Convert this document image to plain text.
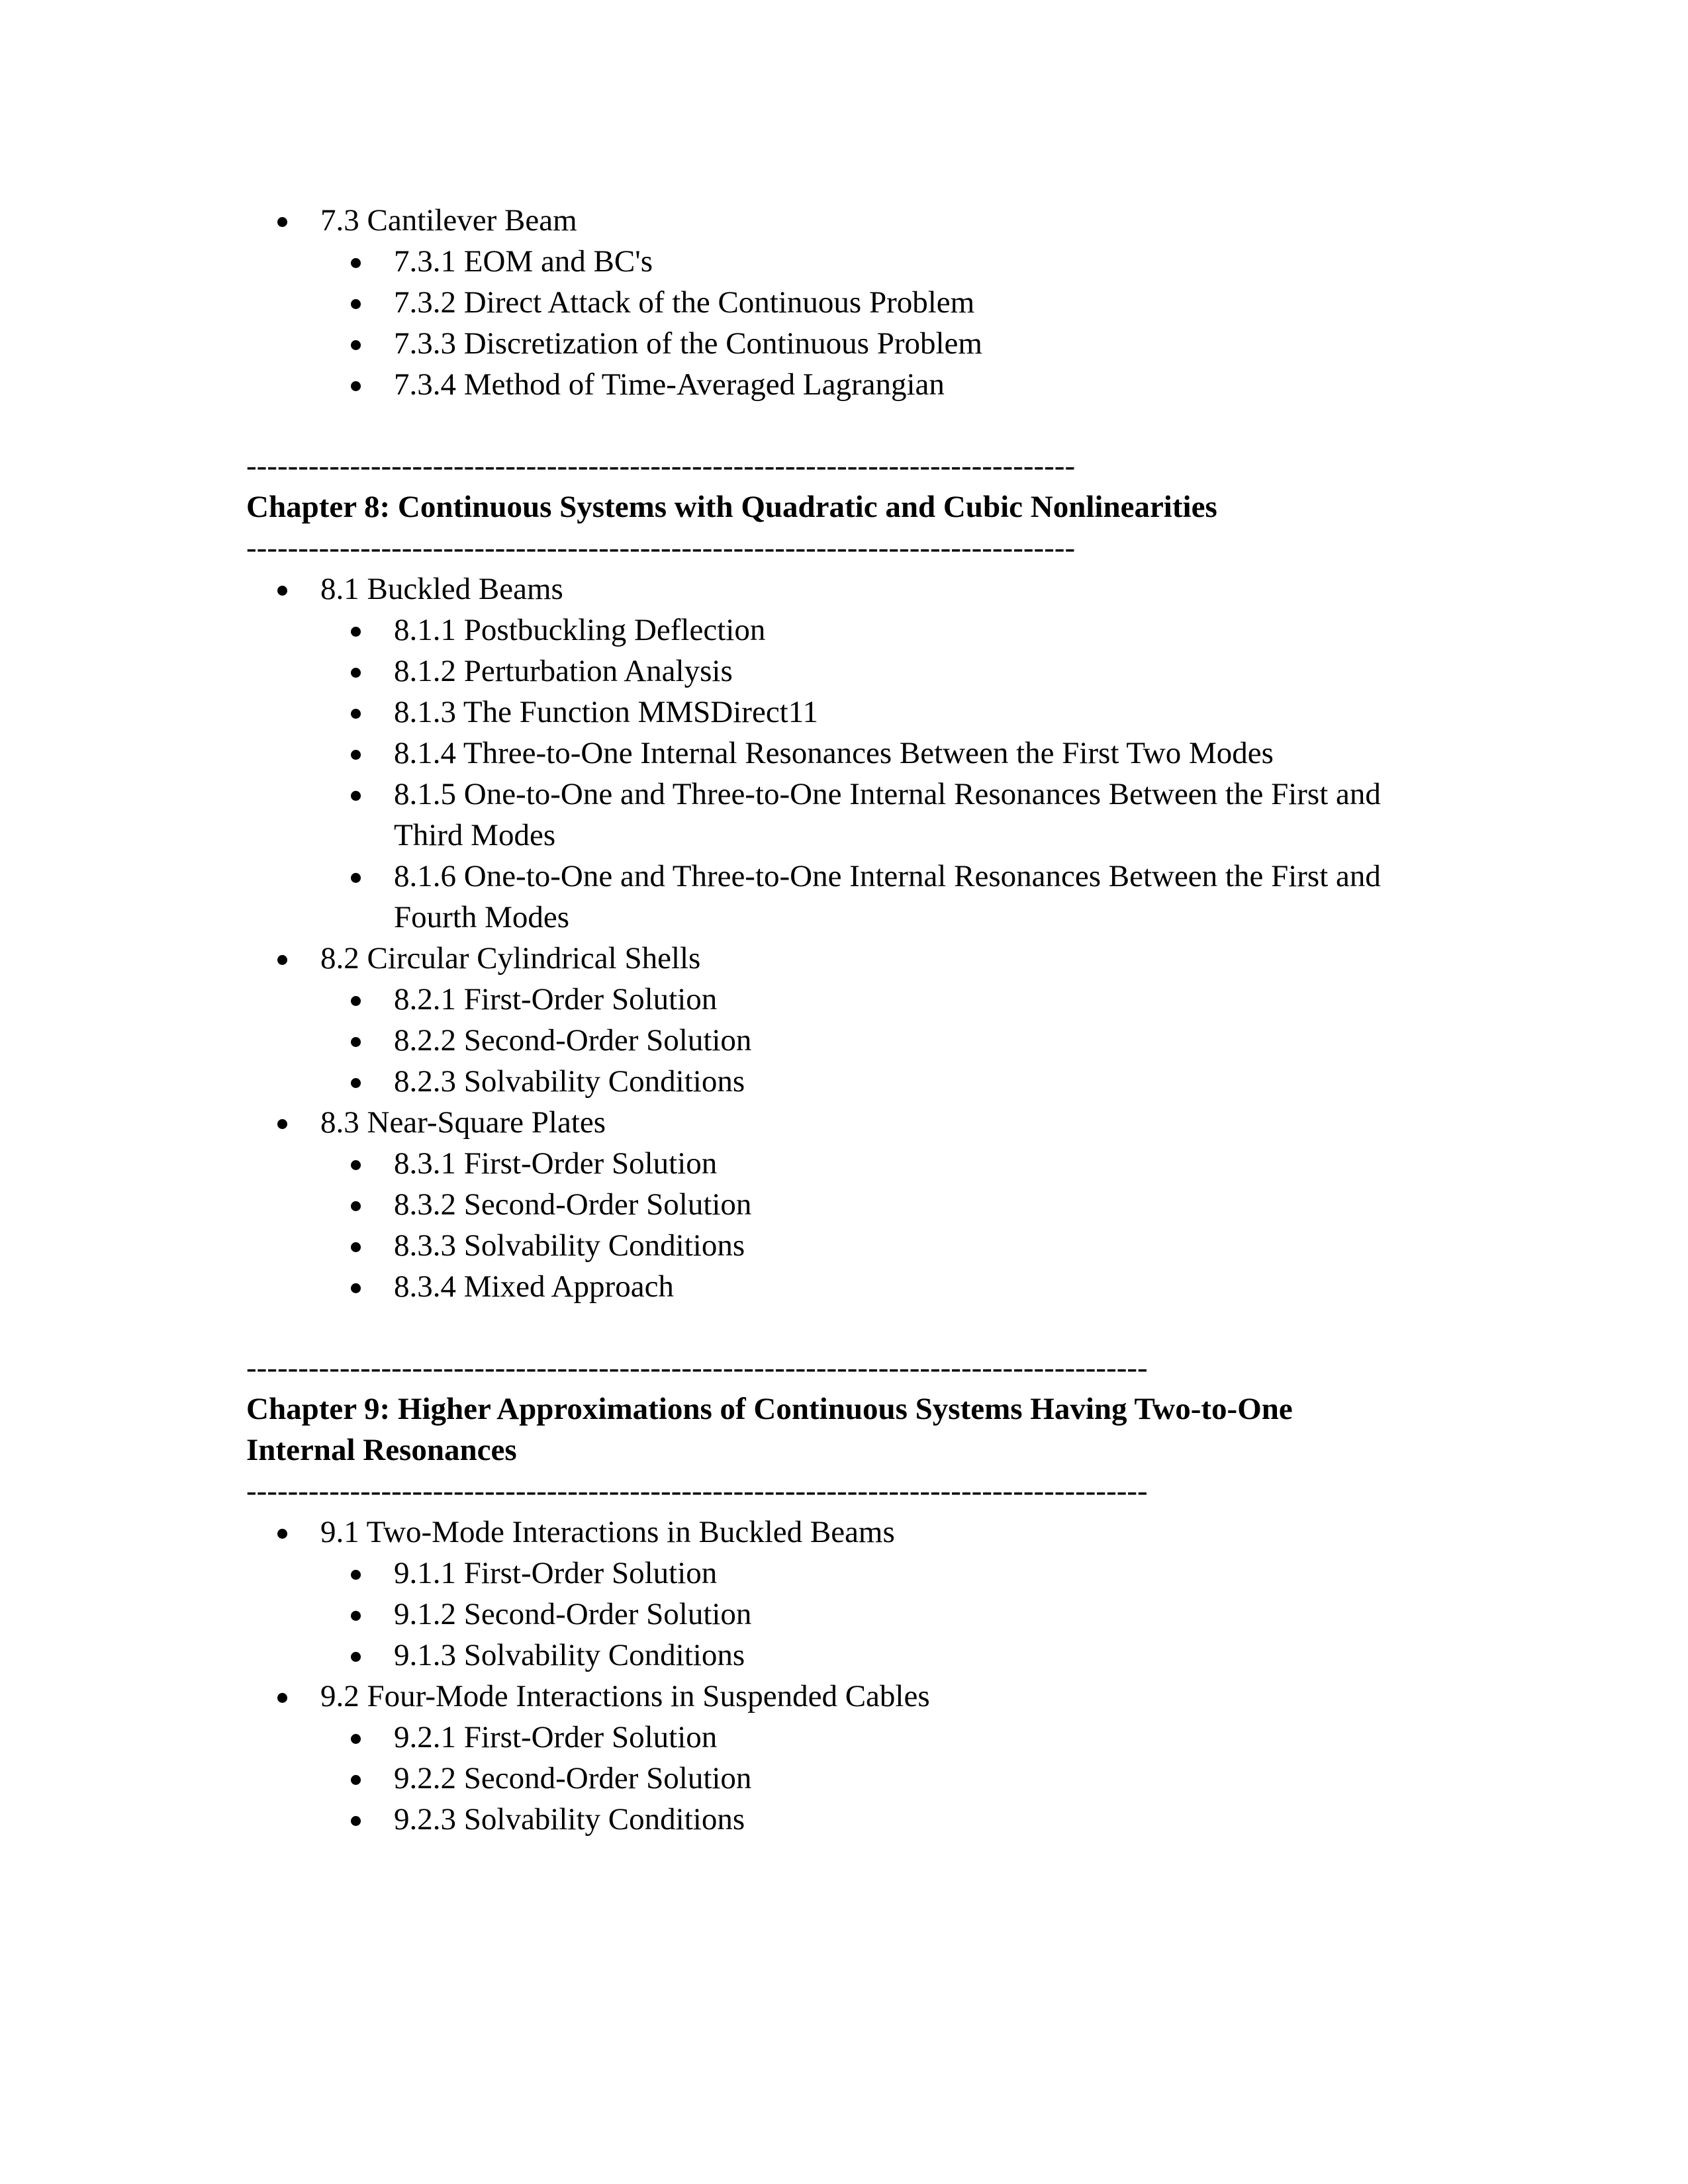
7.3 Cantilever Beam
7.3.1 EOM and BC's
7.3.2 Direct Attack of the Continuous Problem
7.3.3 Discretization of the Continuous Problem
7.3.4 Method of Time-Averaged Lagrangian
--------------------------------------------------------------------------------
Chapter 8: Continuous Systems with Quadratic and Cubic Nonlinearities
--------------------------------------------------------------------------------
8.1 Buckled Beams
8.1.1 Postbuckling Deflection
8.1.2 Perturbation Analysis
8.1.3 The Function MMSDirect11
8.1.4 Three-to-One Internal Resonances Between the First Two Modes
8.1.5 One-to-One and Three-to-One Internal Resonances Between the First and Third Modes
8.1.6 One-to-One and Three-to-One Internal Resonances Between the First and Fourth Modes
8.2 Circular Cylindrical Shells
8.2.1 First-Order Solution
8.2.2 Second-Order Solution
8.2.3 Solvability Conditions
8.3 Near-Square Plates
8.3.1 First-Order Solution
8.3.2 Second-Order Solution
8.3.3 Solvability Conditions
8.3.4 Mixed Approach
---------------------------------------------------------------------------------------
Chapter 9: Higher Approximations of Continuous Systems Having Two-to-One Internal Resonances
---------------------------------------------------------------------------------------
9.1 Two-Mode Interactions in Buckled Beams
9.1.1 First-Order Solution
9.1.2 Second-Order Solution
9.1.3 Solvability Conditions
9.2 Four-Mode Interactions in Suspended Cables
9.2.1 First-Order Solution
9.2.2 Second-Order Solution
9.2.3 Solvability Conditions
